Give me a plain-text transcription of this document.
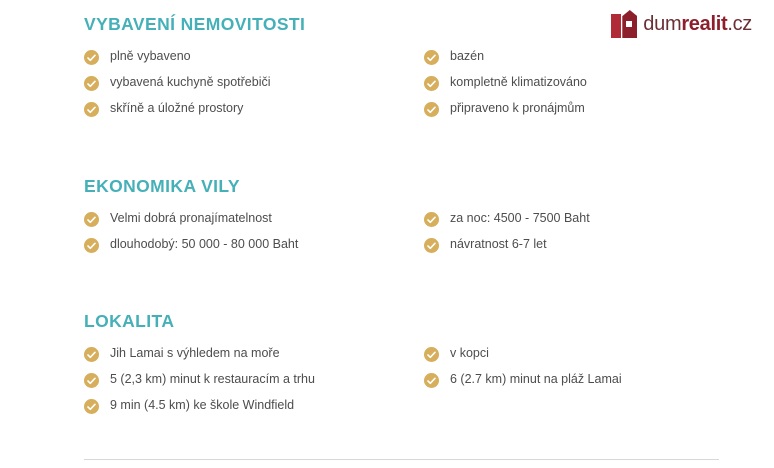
dumrealit.cz
VYBAVENÍ NEMOVITOSTI
plně vybaveno
vybavená kuchyně spotřebiči
skříně a úložné prostory
bazén
kompletně klimatizováno
připraveno k pronájmům
EKONOMIKA VILY
Velmi dobrá pronajímatelnost
dlouhodobý: 50 000 - 80 000 Baht
za noc: 4500 - 7500 Baht
návratnost 6-7 let
LOKALITA
Jih Lamai s výhledem na moře
5 (2,3 km) minut k restauracím a trhu
9 min (4.5 km) ke škole Windfield
v kopci
6 (2.7 km) minut na pláž Lamai
